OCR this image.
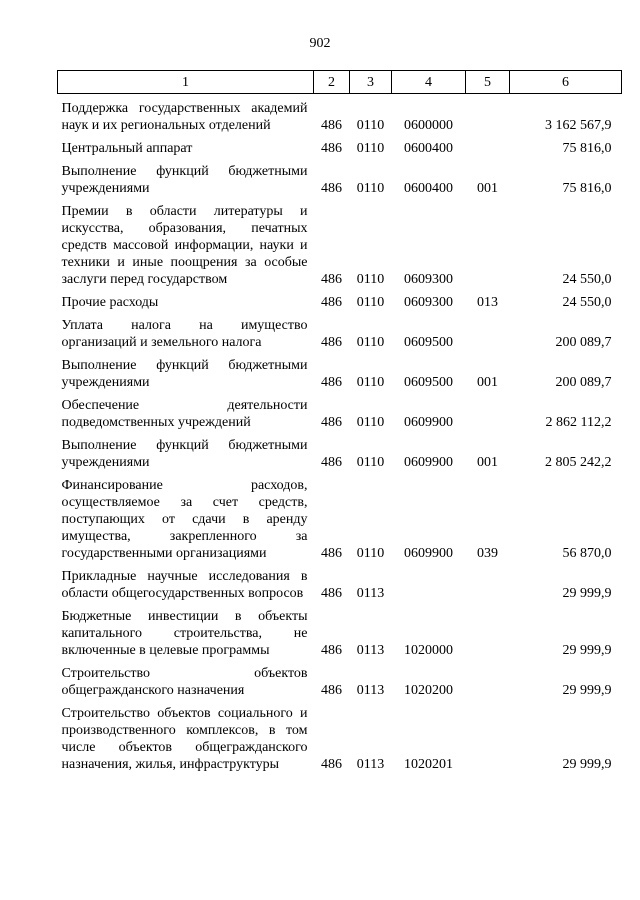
902
1	2	3	4	5	6
Поддержка государственных академий наук и их региональных отделений	486	0110	0600000		3 162 567,9
Центральный аппарат	486	0110	0600400		75 816,0
Выполнение функций бюджетными учреждениями	486	0110	0600400	001	75 816,0
Премии в области литературы и искусства, образования, печатных средств массовой информации, науки и техники и иные поощрения за особые заслуги перед государством	486	0110	0609300		24 550,0
Прочие расходы	486	0110	0609300	013	24 550,0
Уплата налога на имущество организаций и земельного налога	486	0110	0609500		200 089,7
Выполнение функций бюджетными учреждениями	486	0110	0609500	001	200 089,7
Обеспечение деятельности подведомственных учреждений	486	0110	0609900		2 862 112,2
Выполнение функций бюджетными учреждениями	486	0110	0609900	001	2 805 242,2
Финансирование расходов, осуществляемое за счет средств, поступающих от сдачи в аренду имущества, закрепленного за государственными организациями	486	0110	0609900	039	56 870,0
Прикладные научные исследования в области общегосударственных вопросов	486	0113			29 999,9
Бюджетные инвестиции в объекты капитального строительства, не включенные в целевые программы	486	0113	1020000		29 999,9
Строительство объектов общегражданского назначения	486	0113	1020200		29 999,9
Строительство объектов социального и производственного комплексов, в том числе объектов общегражданского назначения, жилья, инфраструктуры	486	0113	1020201		29 999,9
